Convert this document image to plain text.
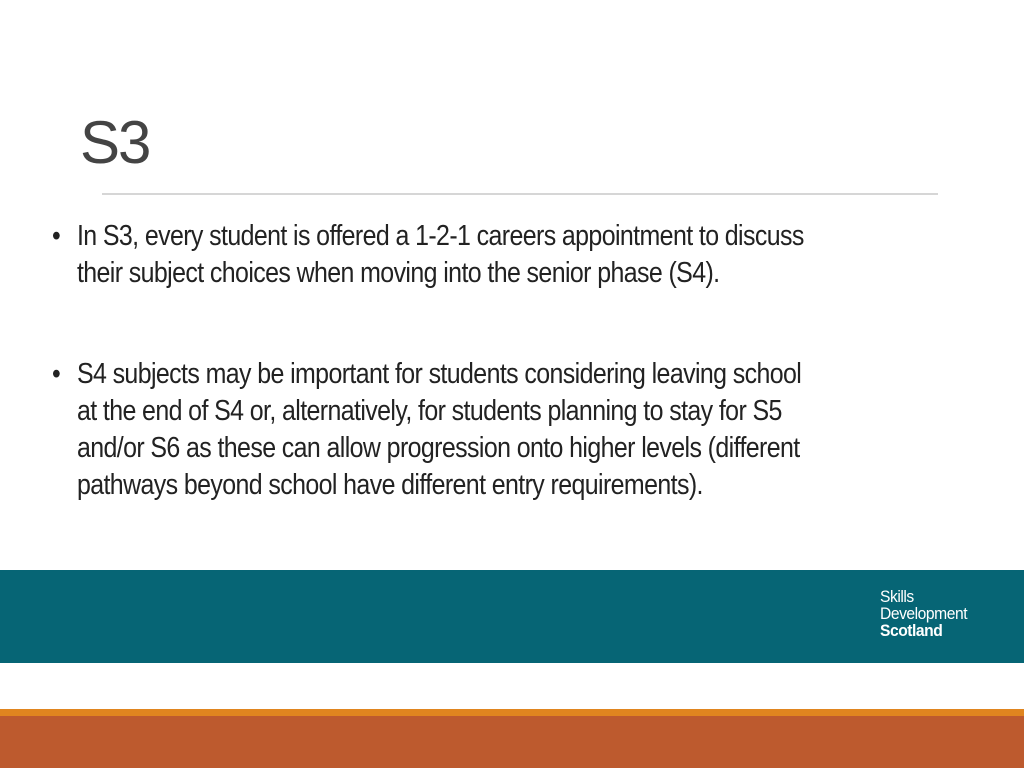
S3
• In S3, every student is offered a 1-2-1 careers appointment to discuss their subject choices when moving into the senior phase (S4).
• S4 subjects may be important for students considering leaving school at the end of S4 or, alternatively, for students planning to stay for S5 and/or S6 as these can allow progression onto higher levels (different pathways beyond school have different entry requirements).
Skills
Development
Scotland
